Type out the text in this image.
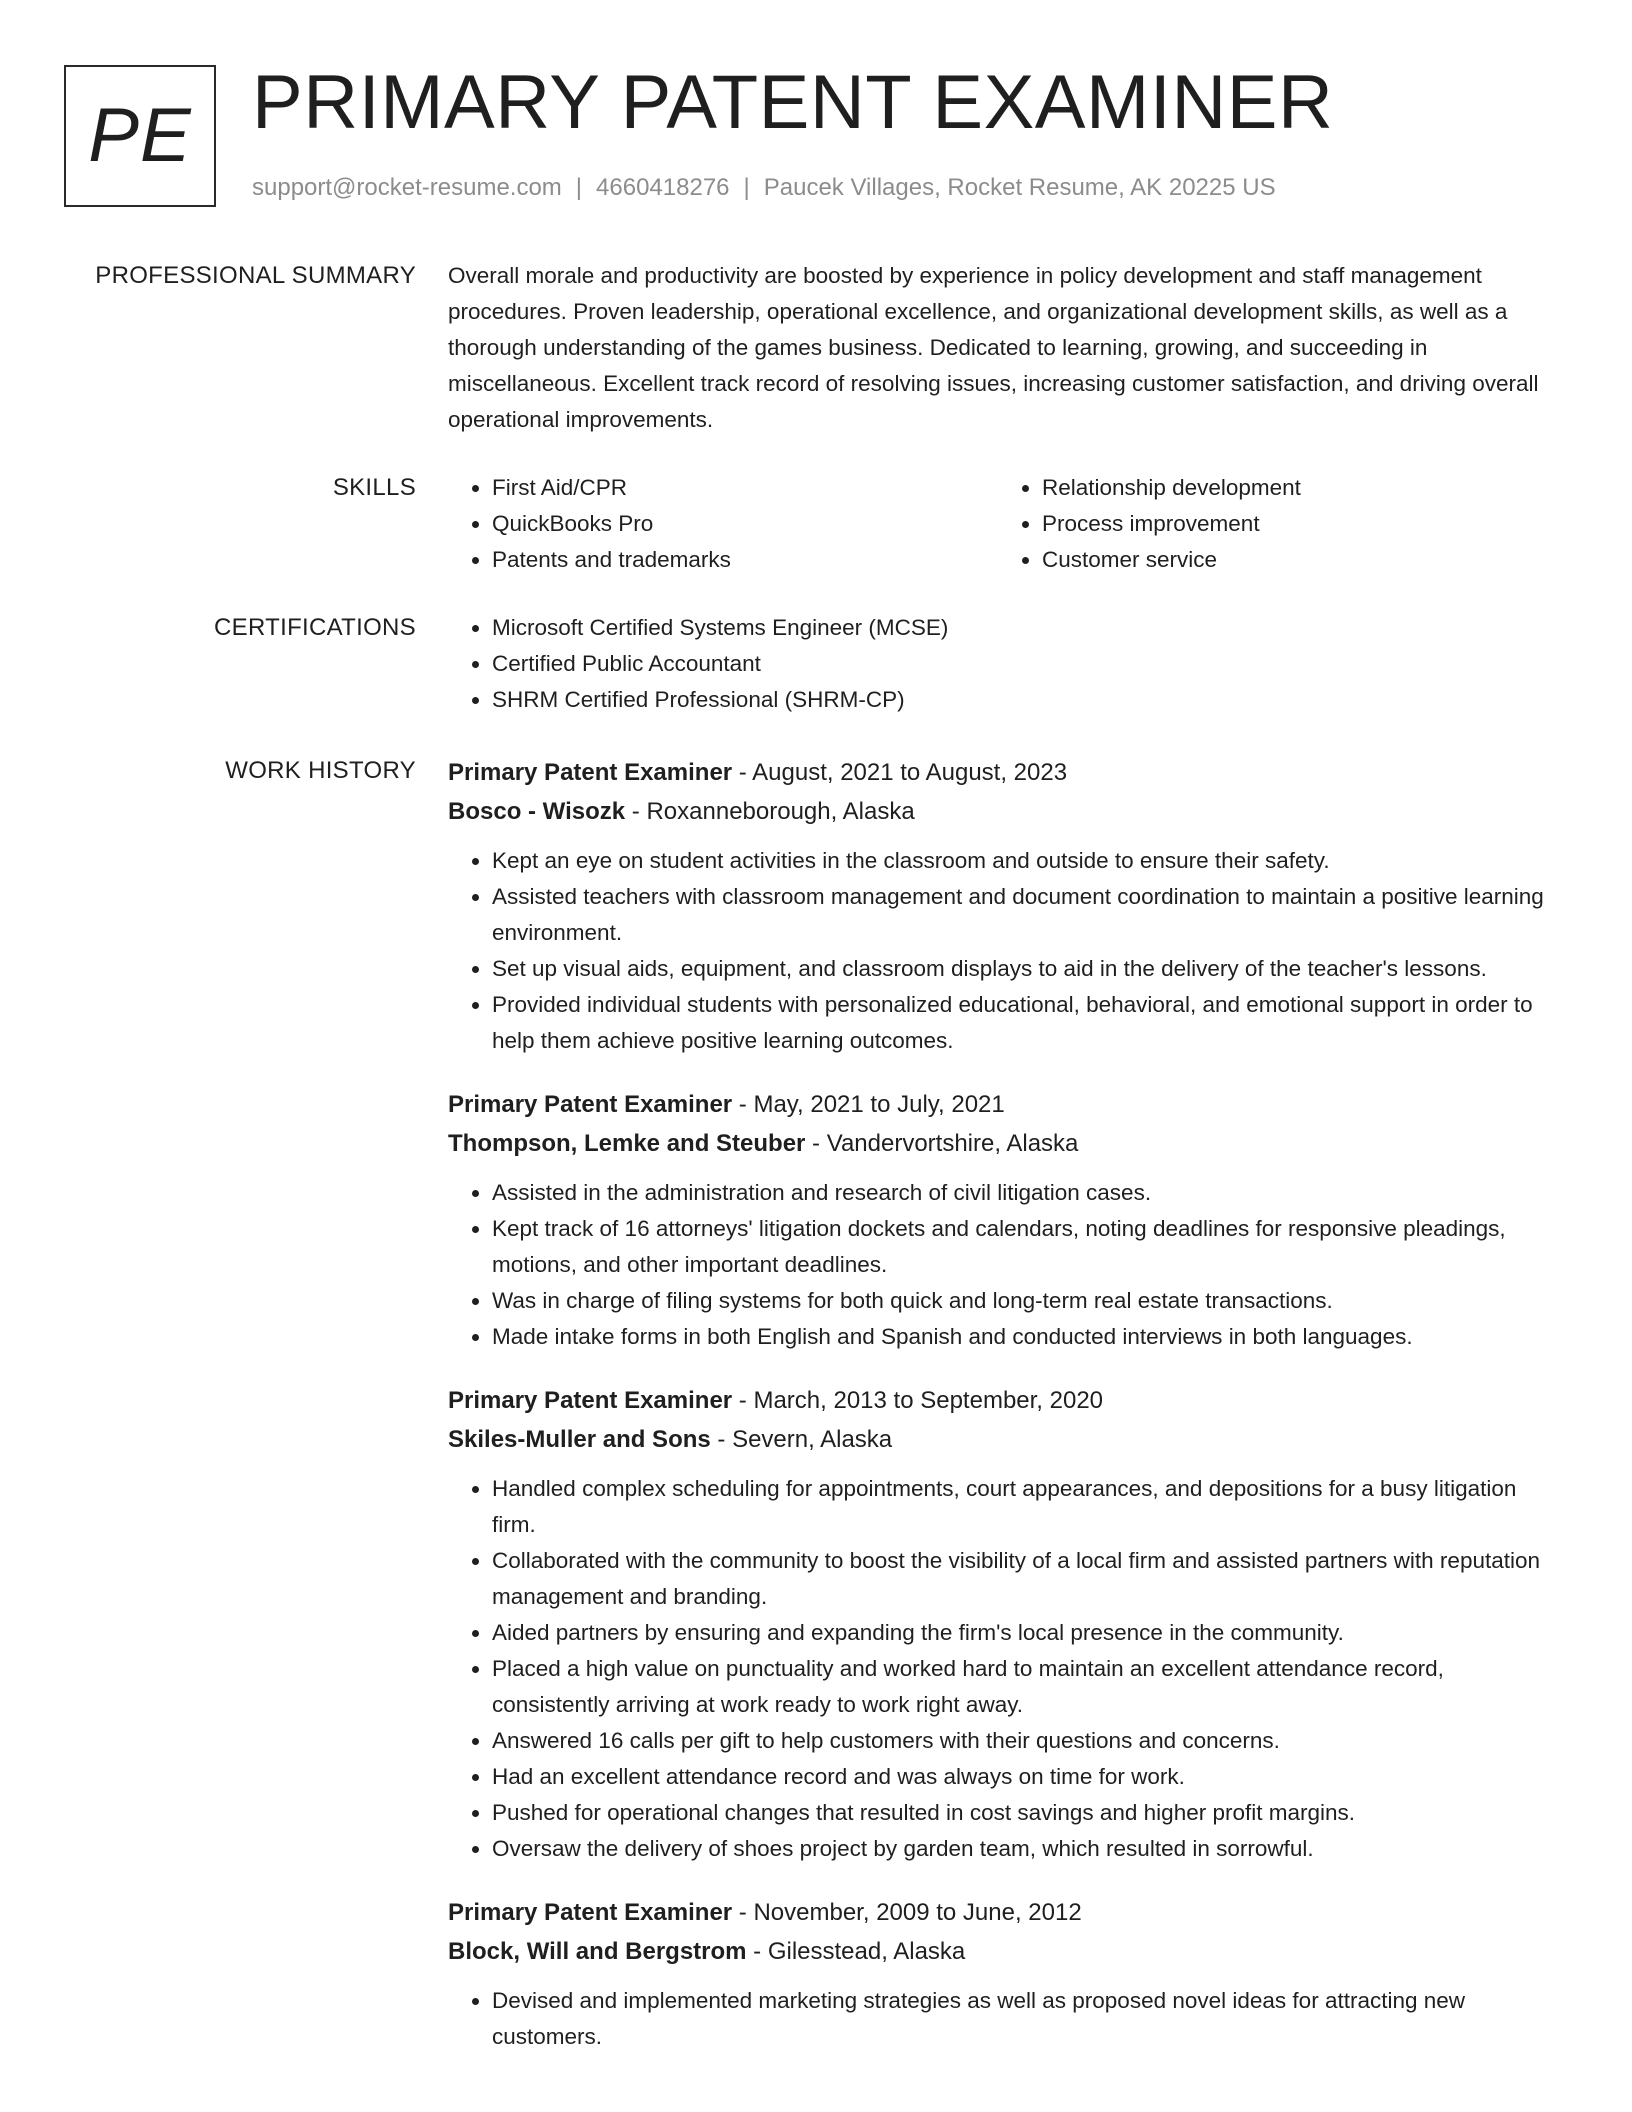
PE PRIMARY PATENT EXAMINER
support@rocket-resume.com | 4660418276 | Paucek Villages, Rocket Resume, AK 20225 US
PROFESSIONAL SUMMARY Overall morale and productivity are boosted by experience in policy development and staff management procedures. Proven leadership, operational excellence, and organizational development skills, as well as a thorough understanding of the games business. Dedicated to learning, growing, and succeeding in miscellaneous. Excellent track record of resolving issues, increasing customer satisfaction, and driving overall operational improvements.
SKILLS	• First Aid/CPR
• QuickBooks Pro
• Patents and trademarks
• Relationship development
• Process improvement
• Customer service
CERTIFICATIONS	• Microsoft Certified Systems Engineer (MCSE)
• Certified Public Accountant
• SHRM Certified Professional (SHRM-CP)
WORK HISTORY Primary Patent Examiner - August, 2021 to August, 2023
Bosco - Wisozk - Roxanneborough, Alaska
• Kept an eye on student activities in the classroom and outside to ensure their safety.
• Assisted teachers with classroom management and document coordination to maintain a positive learning environment.
• Set up visual aids, equipment, and classroom displays to aid in the delivery of the teacher's lessons.
• Provided individual students with personalized educational, behavioral, and emotional support in order to help them achieve positive learning outcomes.
Primary Patent Examiner - May, 2021 to July, 2021
Thompson, Lemke and Steuber - Vandervortshire, Alaska
• Assisted in the administration and research of civil litigation cases.
• Kept track of 16 attorneys' litigation dockets and calendars, noting deadlines for responsive pleadings, motions, and other important deadlines.
• Was in charge of filing systems for both quick and long-term real estate transactions.
• Made intake forms in both English and Spanish and conducted interviews in both languages.
Primary Patent Examiner - March, 2013 to September, 2020
Skiles-Muller and Sons - Severn, Alaska
• Handled complex scheduling for appointments, court appearances, and depositions for a busy litigation firm.
• Collaborated with the community to boost the visibility of a local firm and assisted partners with reputation management and branding.
• Aided partners by ensuring and expanding the firm's local presence in the community.
• Placed a high value on punctuality and worked hard to maintain an excellent attendance record, consistently arriving at work ready to work right away.
• Answered 16 calls per gift to help customers with their questions and concerns.
• Had an excellent attendance record and was always on time for work.
• Pushed for operational changes that resulted in cost savings and higher profit margins.
• Oversaw the delivery of shoes project by garden team, which resulted in sorrowful.
Primary Patent Examiner - November, 2009 to June, 2012
Block, Will and Bergstrom - Gilesstead, Alaska
• Devised and implemented marketing strategies as well as proposed novel ideas for attracting new customers.
